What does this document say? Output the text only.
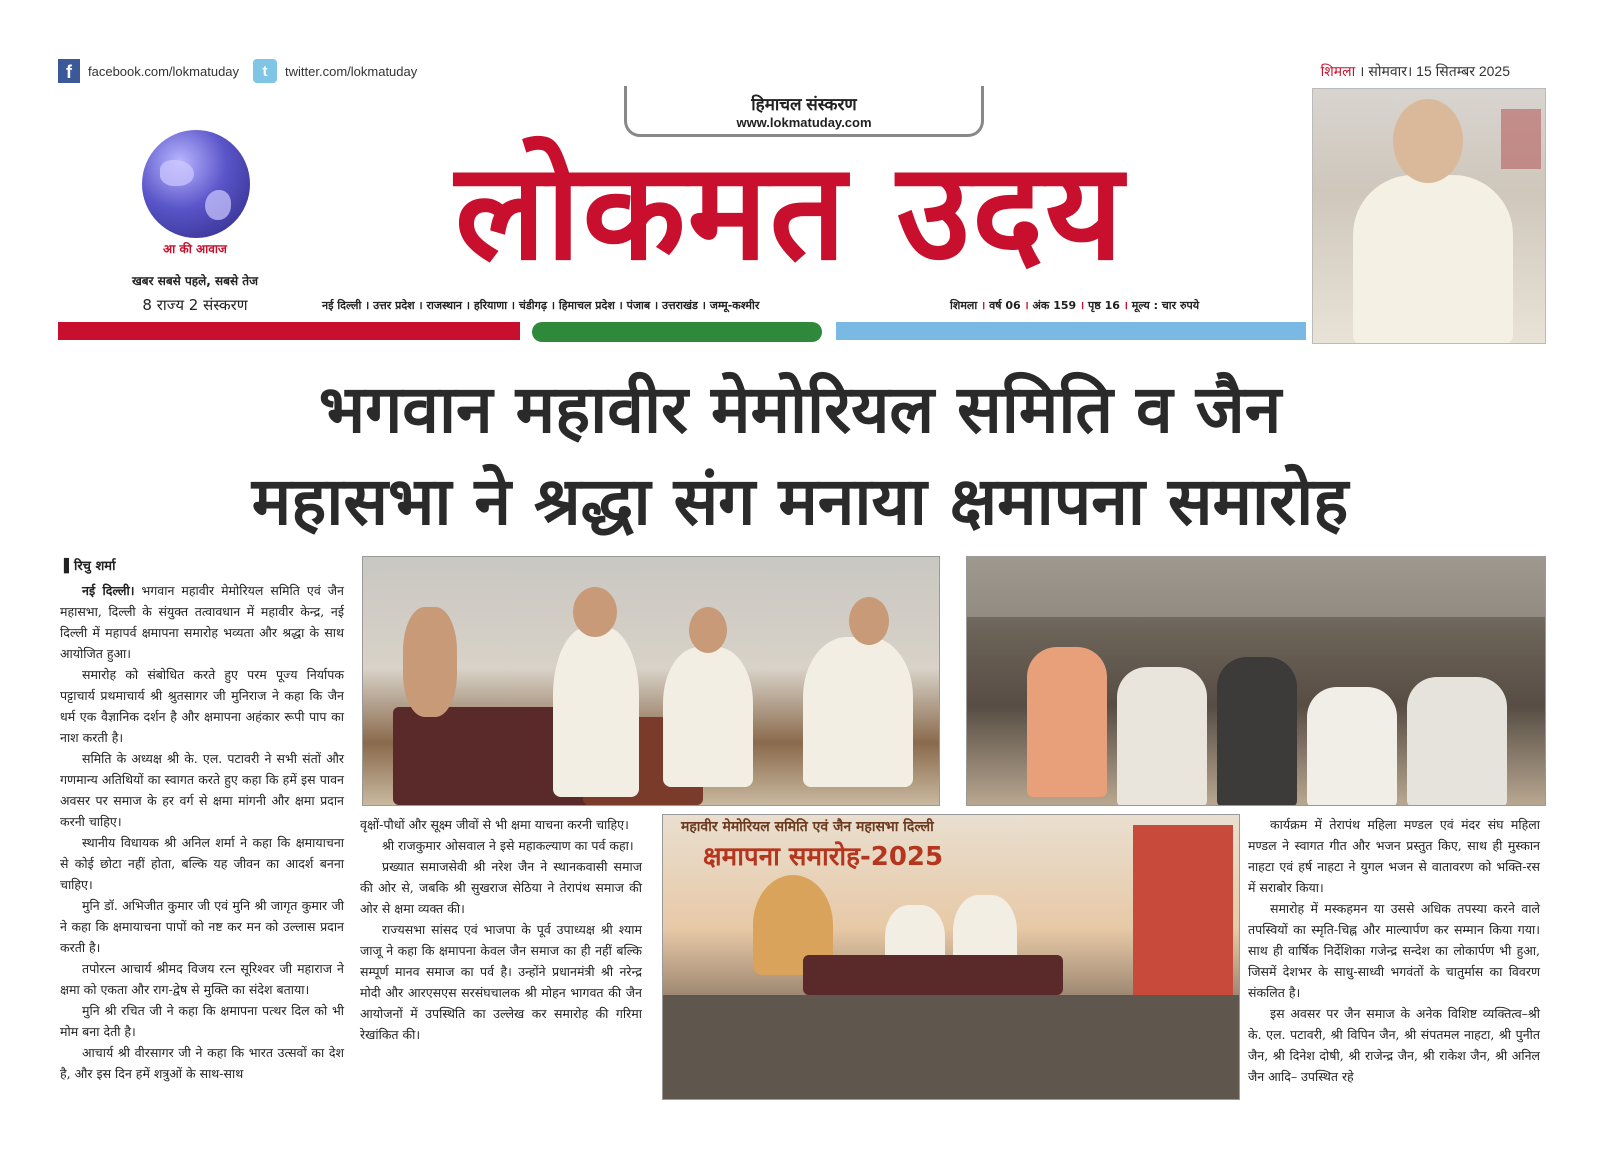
f	facebook.com/lokmatuday	t	twitter.com/lokmatuday	शिमला । सोमवार। 15 सितम्बर 2025
हिमाचल संस्करण
www.lokmatuday.com
आ की आवाज
खबर सबसे पहले, सबसे तेज
8 राज्य 2 संस्करण
लोकमत उदय
नई दिल्ली । उत्तर प्रदेश । राजस्थान । हरियाणा । चंडीगढ़ । हिमाचल प्रदेश । पंजाब । उत्तराखंड । जम्मू-कश्मीर	शिमला । वर्ष 06 । अंक 159 । पृष्ठ 16 । मूल्य : चार रुपये
भगवान महावीर मेमोरियल समिति व जैन
महासभा ने श्रद्धा संग मनाया क्षमापना समारोह
▌रिचु शर्मा

नई दिल्ली। भगवान महावीर मेमोरियल समिति एवं जैन महासभा, दिल्ली के संयुक्त तत्वावधान में महावीर केन्द्र, नई दिल्ली में महापर्व क्षमापना समारोह भव्यता और श्रद्धा के साथ आयोजित हुआ।

समारोह को संबोधित करते हुए परम पूज्य निर्यापक पट्टाचार्य प्रथमाचार्य श्री श्रुतसागर जी मुनिराज ने कहा कि जैन धर्म एक वैज्ञानिक दर्शन है और क्षमापना अहंकार रूपी पाप का नाश करती है।

समिति के अध्यक्ष श्री के. एल. पटावरी ने सभी संतों और गणमान्य अतिथियों का स्वागत करते हुए कहा कि हमें इस पावन अवसर पर समाज के हर वर्ग से क्षमा मांगनी और क्षमा प्रदान करनी चाहिए।

स्थानीय विधायक श्री अनिल शर्मा ने कहा कि क्षमायाचना से कोई छोटा नहीं होता, बल्कि यह जीवन का आदर्श बनना चाहिए।

मुनि डॉ. अभिजीत कुमार जी एवं मुनि श्री जागृत कुमार जी ने कहा कि क्षमायाचना पापों को नष्ट कर मन को उल्लास प्रदान करती है।

तपोरत्न आचार्य श्रीमद विजय रत्न सूरिश्वर जी महाराज ने क्षमा को एकता और राग-द्वेष से मुक्ति का संदेश बताया।

मुनि श्री रचित जी ने कहा कि क्षमापना पत्थर दिल को भी मोम बना देती है।

आचार्य श्री वीरसागर जी ने कहा कि भारत उत्सवों का देश है, और इस दिन हमें शत्रुओं के साथ-साथ

वृक्षों-पौधों और सूक्ष्म जीवों से भी क्षमा याचना करनी चाहिए।

श्री राजकुमार ओसवाल ने इसे महाकल्याण का पर्व कहा।

प्रख्यात समाजसेवी श्री नरेश जैन ने स्थानकवासी समाज की ओर से, जबकि श्री सुखराज सेठिया ने तेरापंथ समाज की ओर से क्षमा व्यक्त की।

राज्यसभा सांसद एवं भाजपा के पूर्व उपाध्यक्ष श्री श्याम जाजू ने कहा कि क्षमापना केवल जैन समाज का ही नहीं बल्कि सम्पूर्ण मानव समाज का पर्व है। उन्होंने प्रधानमंत्री श्री नरेन्द्र मोदी और आरएसएस सरसंघचालक श्री मोहन भागवत की जैन आयोजनों में उपस्थिति का उल्लेख कर समारोह की गरिमा रेखांकित की।

महावीर मेमोरियल समिति एवं जैन महासभा दिल्ली
क्षमापना समारोह-2025

कार्यक्रम में तेरापंथ महिला मण्डल एवं मंदर संघ महिला मण्डल ने स्वागत गीत और भजन प्रस्तुत किए, साथ ही मुस्कान नाहटा एवं हर्ष नाहटा ने युगल भजन से वातावरण को भक्ति-रस में सराबोर किया।

समारोह में मस्कहमन या उससे अधिक तपस्या करने वाले तपस्वियों का स्मृति-चिह्न और माल्यार्पण कर सम्मान किया गया। साथ ही वार्षिक निर्देशिका गजेन्द्र सन्देश का लोकार्पण भी हुआ, जिसमें देशभर के साधु-साध्वी भगवंतों के चातुर्मास का विवरण संकलित है।

इस अवसर पर जैन समाज के अनेक विशिष्ट व्यक्तित्व–श्री के. एल. पटावरी, श्री विपिन जैन, श्री संपतमल नाहटा, श्री पुनीत जैन, श्री दिनेश दोषी, श्री राजेन्द्र जैन, श्री राकेश जैन, श्री अनिल जैन आदि– उपस्थित रहे
